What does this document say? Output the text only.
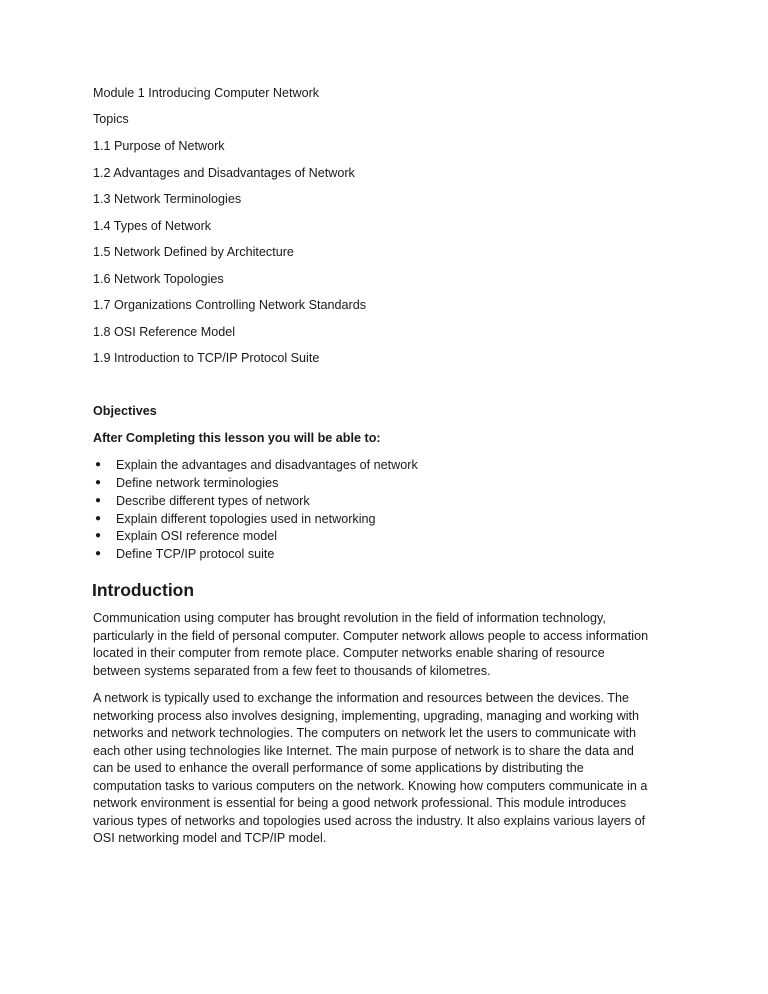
Module 1 Introducing Computer Network
Topics
1.1 Purpose of Network
1.2 Advantages and Disadvantages of Network
1.3 Network Terminologies
1.4 Types of Network
1.5 Network Defined by Architecture
1.6 Network Topologies
1.7 Organizations Controlling Network Standards
1.8 OSI Reference Model
1.9 Introduction to TCP/IP Protocol Suite
Objectives
After Completing this lesson you will be able to:
● Explain the advantages and disadvantages of network
● Define network terminologies
● Describe different types of network
● Explain different topologies used in networking
● Explain OSI reference model
● Define TCP/IP protocol suite
Introduction
Communication using computer has brought revolution in the field of information technology,
particularly in the field of personal computer. Computer network allows people to access information
located in their computer from remote place. Computer networks enable sharing of resource
between systems separated from a few feet to thousands of kilometres.
A network is typically used to exchange the information and resources between the devices. The
networking process also involves designing, implementing, upgrading, managing and working with
networks and network technologies. The computers on network let the users to communicate with
each other using technologies like Internet. The main purpose of network is to share the data and
can be used to enhance the overall performance of some applications by distributing the
computation tasks to various computers on the network. Knowing how computers communicate in a
network environment is essential for being a good network professional. This module introduces
various types of networks and topologies used across the industry. It also explains various layers of
OSI networking model and TCP/IP model.
